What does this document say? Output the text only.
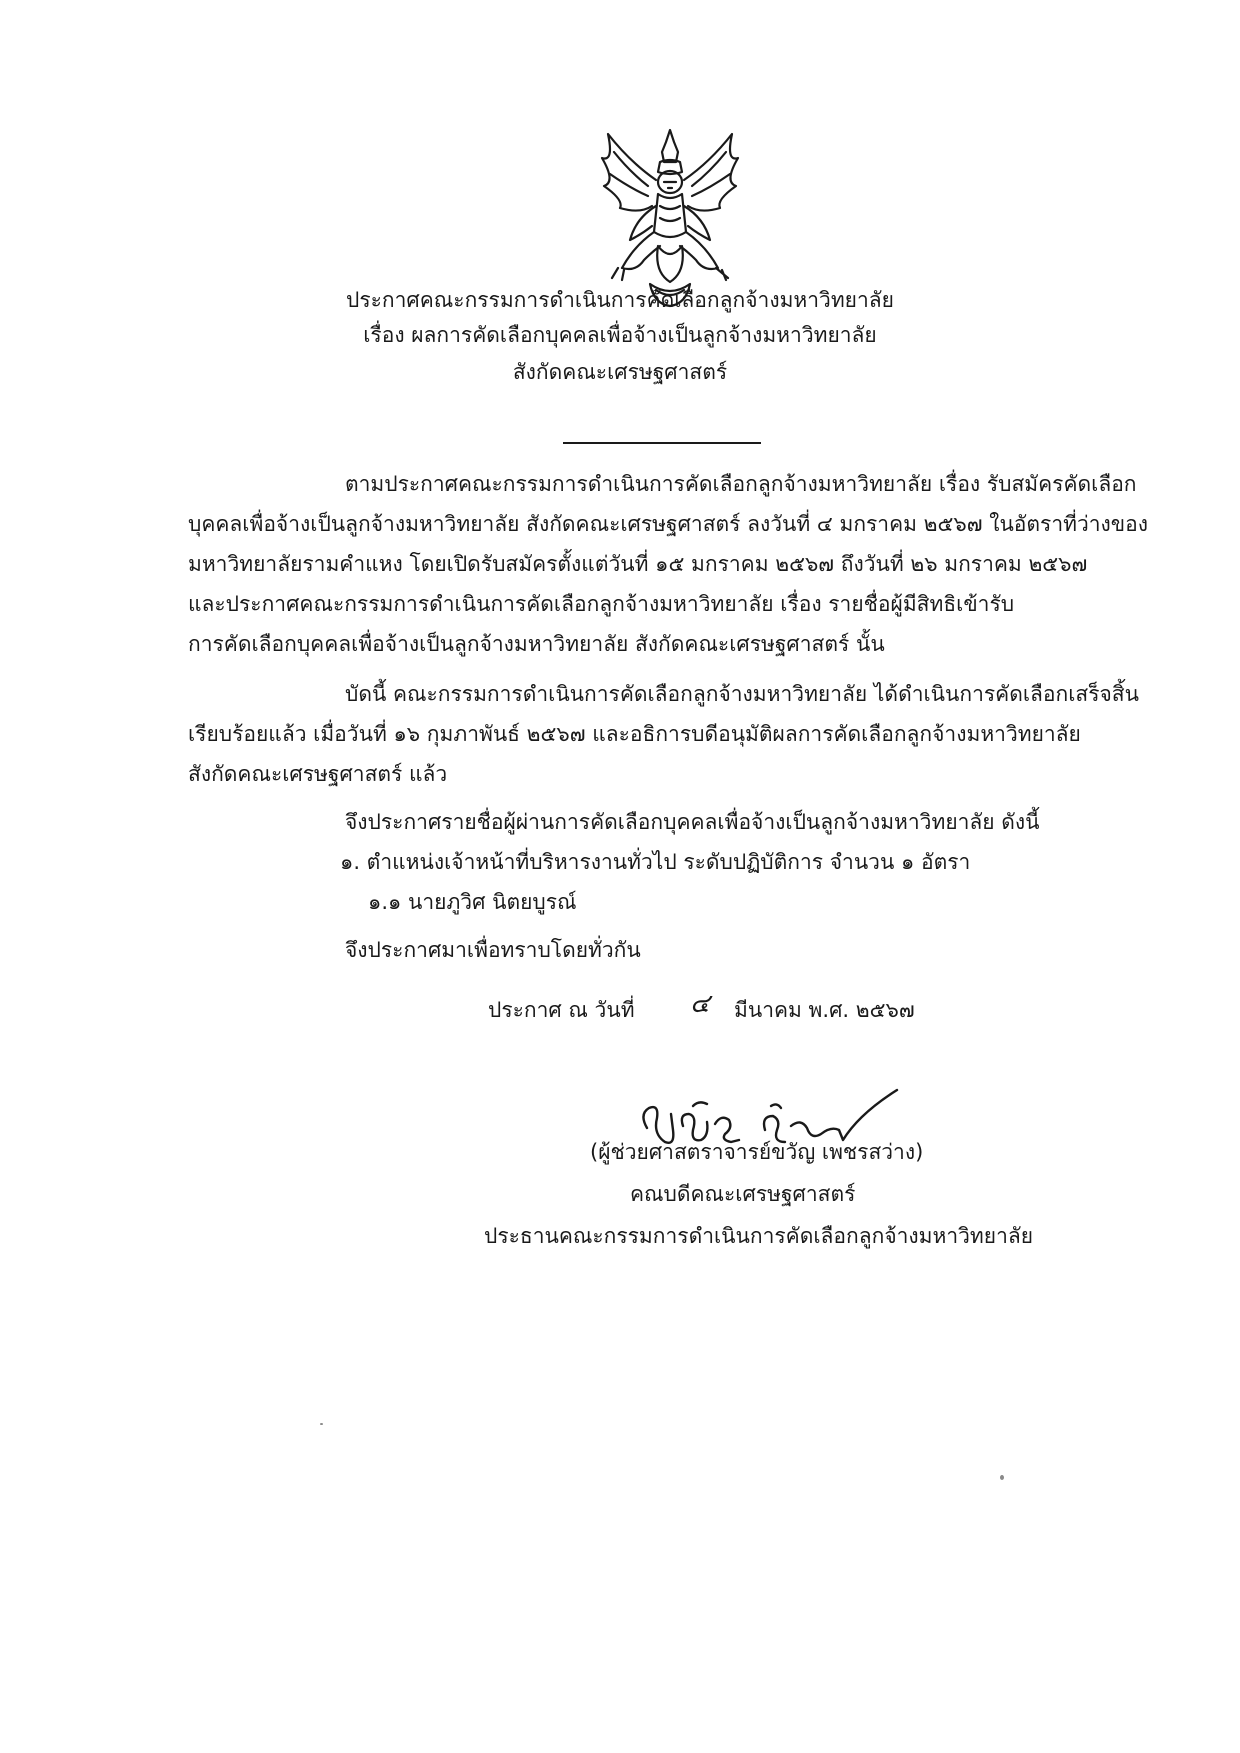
ประกาศคณะกรรมการดำเนินการคัดเลือกลูกจ้างมหาวิทยาลัย
เรื่อง ผลการคัดเลือกบุคคลเพื่อจ้างเป็นลูกจ้างมหาวิทยาลัย
สังกัดคณะเศรษฐศาสตร์
ตามประกาศคณะกรรมการดำเนินการคัดเลือกลูกจ้างมหาวิทยาลัย เรื่อง รับสมัครคัดเลือก
บุคคลเพื่อจ้างเป็นลูกจ้างมหาวิทยาลัย สังกัดคณะเศรษฐศาสตร์ ลงวันที่ ๔ มกราคม ๒๕๖๗ ในอัตราที่ว่างของ
มหาวิทยาลัยรามคำแหง โดยเปิดรับสมัครตั้งแต่วันที่ ๑๕ มกราคม ๒๕๖๗ ถึงวันที่ ๒๖ มกราคม ๒๕๖๗
และประกาศคณะกรรมการดำเนินการคัดเลือกลูกจ้างมหาวิทยาลัย เรื่อง รายชื่อผู้มีสิทธิเข้ารับ
การคัดเลือกบุคคลเพื่อจ้างเป็นลูกจ้างมหาวิทยาลัย สังกัดคณะเศรษฐศาสตร์ นั้น
บัดนี้ คณะกรรมการดำเนินการคัดเลือกลูกจ้างมหาวิทยาลัย ได้ดำเนินการคัดเลือกเสร็จสิ้น
เรียบร้อยแล้ว เมื่อวันที่ ๑๖ กุมภาพันธ์ ๒๕๖๗ และอธิการบดีอนุมัติผลการคัดเลือกลูกจ้างมหาวิทยาลัย
สังกัดคณะเศรษฐศาสตร์ แล้ว
จึงประกาศรายชื่อผู้ผ่านการคัดเลือกบุคคลเพื่อจ้างเป็นลูกจ้างมหาวิทยาลัย ดังนี้
๑. ตำแหน่งเจ้าหน้าที่บริหารงานทั่วไป ระดับปฏิบัติการ จำนวน ๑ อัตรา
๑.๑ นายภูวิศ นิตยบูรณ์
จึงประกาศมาเพื่อทราบโดยทั่วกัน
ประกาศ ณ วันที่ ๔ มีนาคม พ.ศ. ๒๕๖๗
(ผู้ช่วยศาสตราจารย์ขวัญ เพชรสว่าง)
คณบดีคณะเศรษฐศาสตร์
ประธานคณะกรรมการดำเนินการคัดเลือกลูกจ้างมหาวิทยาลัย
